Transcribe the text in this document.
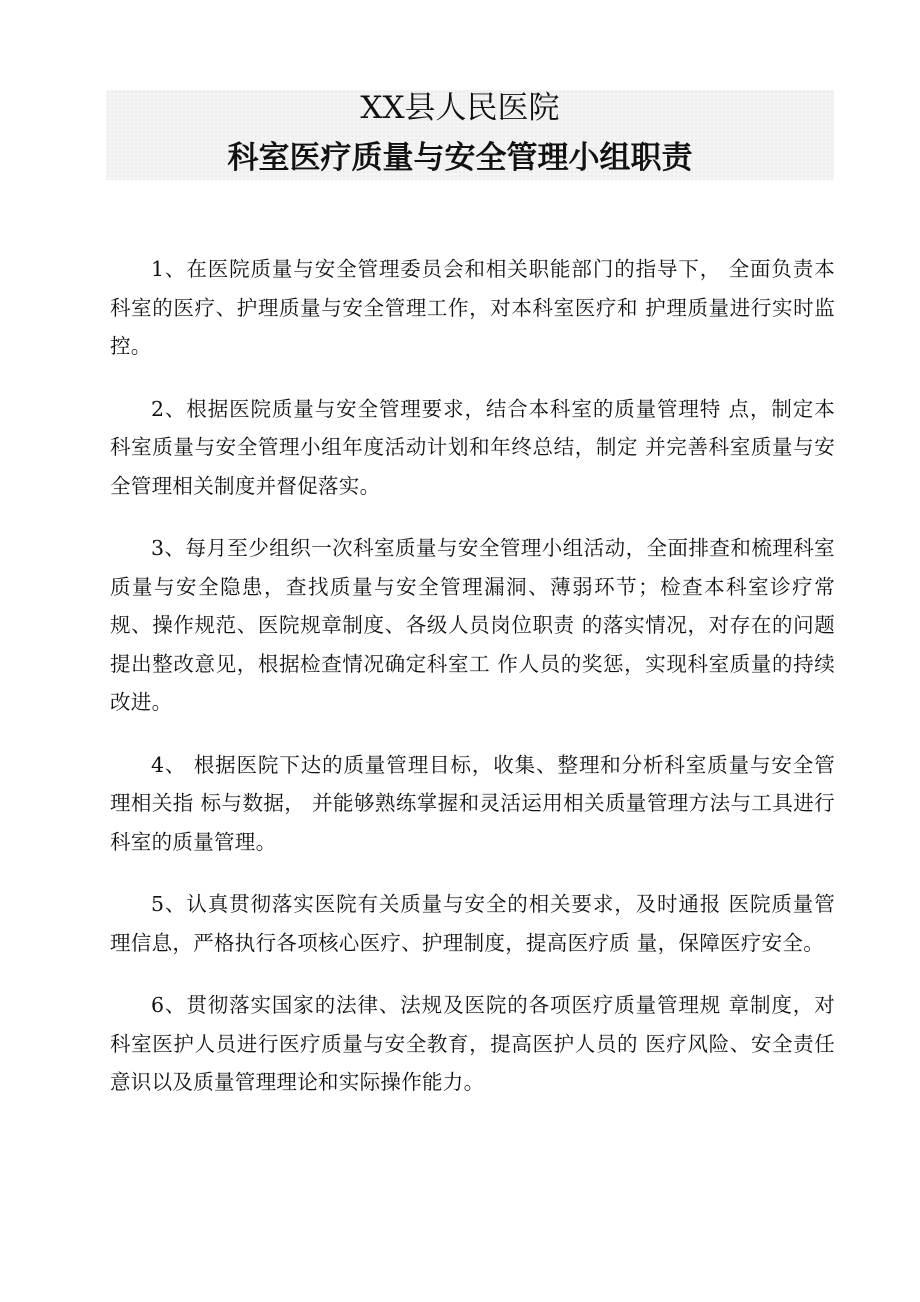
XX县人民医院
科室医疗质量与安全管理小组职责

1、在医院质量与安全管理委员会和相关职能部门的指导下， 全面负责本科室的医疗、护理质量与安全管理工作，对本科室医疗和 护理质量进行实时监控。

2、根据医院质量与安全管理要求，结合本科室的质量管理特 点，制定本科室质量与安全管理小组年度活动计划和年终总结，制定 并完善科室质量与安全管理相关制度并督促落实。

3、每月至少组织一次科室质量与安全管理小组活动，全面排查和梳理科室质量与安全隐患，查找质量与安全管理漏洞、薄弱环节；检查本科室诊疗常规、操作规范、医院规章制度、各级人员岗位职责 的落实情况，对存在的问题提出整改意见，根据检查情况确定科室工 作人员的奖惩，实现科室质量的持续改进。

4、 根据医院下达的质量管理目标，收集、整理和分析科室质量与安全管理相关指 标与数据， 并能够熟练掌握和灵活运用相关质量管理方法与工具进行 科室的质量管理。

5、认真贯彻落实医院有关质量与安全的相关要求，及时通报 医院质量管理信息，严格执行各项核心医疗、护理制度，提高医疗质 量，保障医疗安全。

6、贯彻落实国家的法律、法规及医院的各项医疗质量管理规 章制度，对科室医护人员进行医疗质量与安全教育，提高医护人员的 医疗风险、安全责任意识以及质量管理理论和实际操作能力。
